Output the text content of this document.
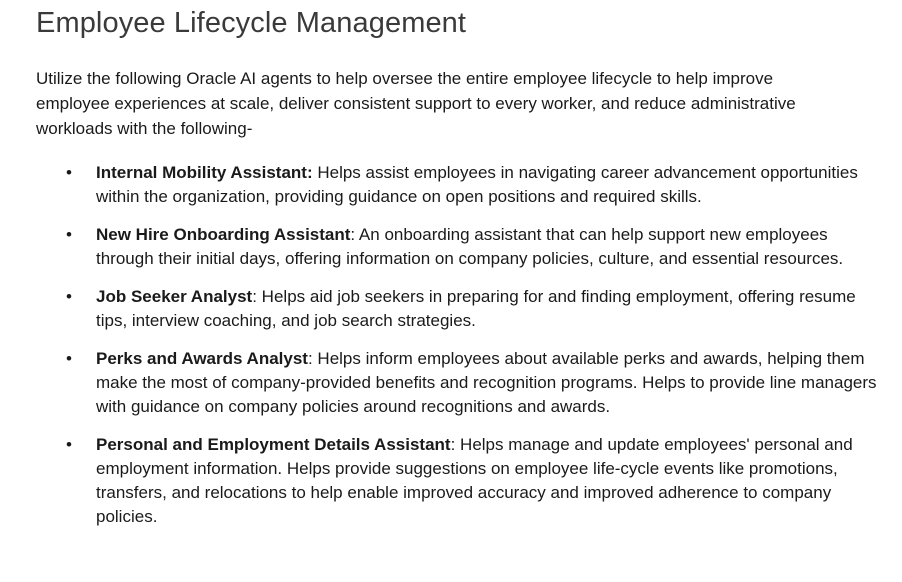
Employee Lifecycle Management

Utilize the following Oracle AI agents to help oversee the entire employee lifecycle to help improve employee experiences at scale, deliver consistent support to every worker, and reduce administrative workloads with the following-

• Internal Mobility Assistant: Helps assist employees in navigating career advancement opportunities within the organization, providing guidance on open positions and required skills.
• New Hire Onboarding Assistant: An onboarding assistant that can help support new employees through their initial days, offering information on company policies, culture, and essential resources.
• Job Seeker Analyst: Helps aid job seekers in preparing for and finding employment, offering resume tips, interview coaching, and job search strategies.
• Perks and Awards Analyst: Helps inform employees about available perks and awards, helping them make the most of company-provided benefits and recognition programs. Helps to provide line managers with guidance on company policies around recognitions and awards.
• Personal and Employment Details Assistant: Helps manage and update employees' personal and employment information. Helps provide suggestions on employee life-cycle events like promotions, transfers, and relocations to help enable improved accuracy and improved adherence to company policies.
